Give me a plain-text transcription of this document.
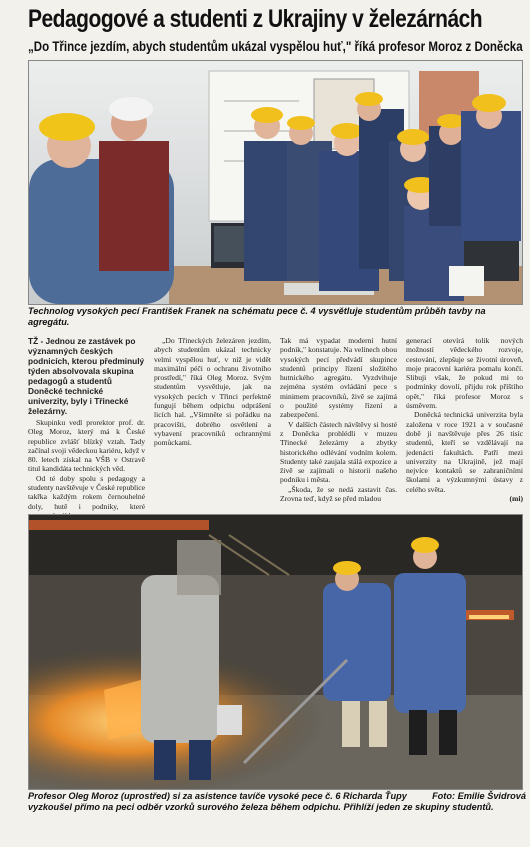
Pedagogové a studenti z Ukrajiny v železárnách
„Do Třince jezdím, abych studentům ukázal vyspělou huť," říká profesor Moroz z Doněcka
Technolog vysokých pecí František Franek na schématu pece č. 4 vysvětluje studentům průběh tavby na agregátu.

TŽ - Jednou ze zastávek po významných českých podnicích, kterou předminulý týden absolvovala skupina pedagogů a studentů Doněcké technické univerzity, byly i Třinecké železárny.

Skupinku vedl prorektor prof. dr. Oleg Moroz, který má k České republice zvlášť blízký vztah. Tady začínal svoji vědeckou kariéru, když v 80. letech získal na VŠB v Ostravě titul kandidáta technických věd.

Od té doby spolu s pedagogy a studenty navštěvuje v České republice takřka každým rokem černouhelné doly, hutě i podniky, které

„Do Třineckých železáren jezdím, abych studentům ukázal technicky velmi vyspělou huť, v níž je vidět maximální péči o ochranu životního prostředí," říká Oleg Moroz. Svým studentům vysvětluje, jak na vysokých pecích v Třinci perfektně fungují během odpichu odprášení licích hal. „Všimněte si pořádku na pracovišti, dobrého osvětlení a vybavení pracovníků ochrannými pomůckami.

Tak má vypadat moderní hutní podnik," konstatuje. Na velínech obou vysokých pecí předvádí skupince studentů principy řízení složitého hutnického agregátu. Vyzdvihuje zejména systém ovládání pece s minimem pracovníků, živě se zajímá o použité systémy řízení a zabezpečení.

V dalších částech návštěvy si hosté z Doněcka prohlédli v muzeu Třinecké železárny a zbytky historického odlévání vodním kolem. Studenty také zaujala stálá expozice a živě se zajímali o historii našeho podniku i města.

„Škoda, že se nedá zastavit čas. Zrovna teď, když se před mladou

generací otevírá tolik nových možností vědeckého rozvoje, cestování, zlepšuje se životní úroveň, moje pracovní kariéra pomalu končí. Slibuji však, že pokud mi to podmínky dovolí, přijdu rok příštího opět," říká profesor Moroz s úsměvem.

Doněcká technická univerzita byla založena v roce 1921 a v současné době ji navštěvuje přes 26 tisíc studentů, kteří se vzdělávají na jedenácti fakultách. Patří mezi univerzity na Ukrajině, jež mají nejvíce kontaktů se zahraničními školami a výzkumnými ústavy z celého světa.

(mi)
Foto: Emilie Švidrová
Profesor Oleg Moroz (uprostřed) si za asistence tavíče vysoké pece č. 6 Richarda Ťupy vyzkoušel přímo na peci odběr vzorků surového železa během odpichu. Přihlíží jeden ze skupiny studentů.
